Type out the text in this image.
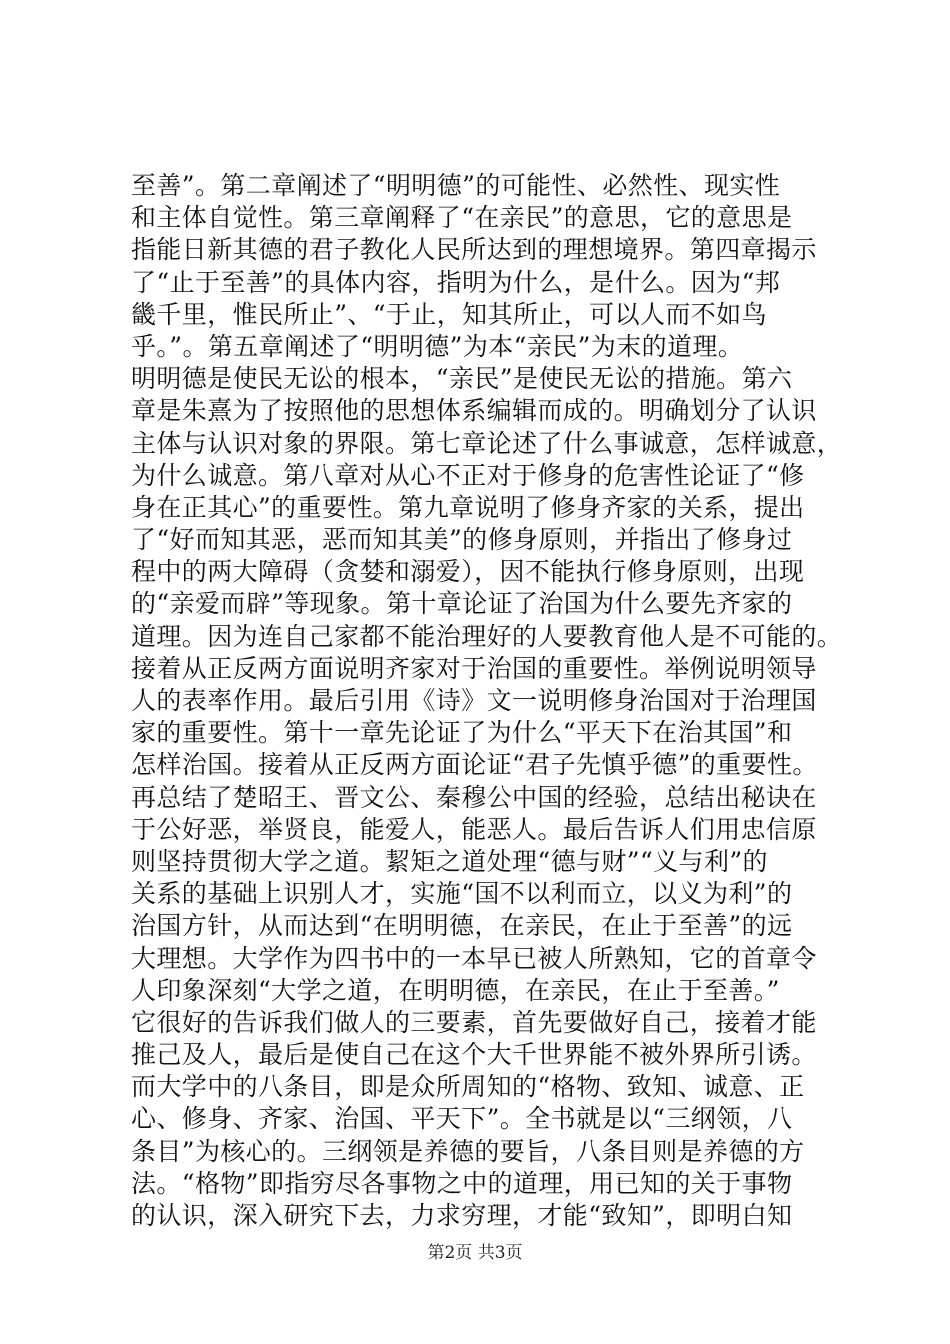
至善”。第二章阐述了“明明德”的可能性、必然性、现实性
和主体自觉性。第三章阐释了“在亲民”的意思，它的意思是
指能日新其德的君子教化人民所达到的理想境界。第四章揭示
了“止于至善”的具体内容，指明为什么，是什么。因为“邦
畿千里，惟民所止”、“于止，知其所止，可以人而不如鸟
乎。”。第五章阐述了“明明德”为本“亲民”为末的道理。
明明德是使民无讼的根本，“亲民”是使民无讼的措施。第六
章是朱熹为了按照他的思想体系编辑而成的。明确划分了认识
主体与认识对象的界限。第七章论述了什么事诚意，怎样诚意，
为什么诚意。第八章对从心不正对于修身的危害性论证了“修
身在正其心”的重要性。第九章说明了修身齐家的关系，提出
了“好而知其恶，恶而知其美”的修身原则，并指出了修身过
程中的两大障碍（贪婪和溺爱），因不能执行修身原则，出现
的“亲爱而辟”等现象。第十章论证了治国为什么要先齐家的
道理。因为连自己家都不能治理好的人要教育他人是不可能的。
接着从正反两方面说明齐家对于治国的重要性。举例说明领导
人的表率作用。最后引用《诗》文一说明修身治国对于治理国
家的重要性。第十一章先论证了为什么“平天下在治其国”和
怎样治国。接着从正反两方面论证“君子先慎乎德”的重要性。
再总结了楚昭王、晋文公、秦穆公中国的经验，总结出秘诀在
于公好恶，举贤良，能爱人，能恶人。最后告诉人们用忠信原
则坚持贯彻大学之道。絜矩之道处理“德与财”“义与利”的
关系的基础上识别人才，实施“国不以利而立，以义为利”的
治国方针，从而达到“在明明德，在亲民，在止于至善”的远
大理想。大学作为四书中的一本早已被人所熟知，它的首章令
人印象深刻“大学之道，在明明德，在亲民，在止于至善。”
它很好的告诉我们做人的三要素，首先要做好自己，接着才能
推己及人，最后是使自己在这个大千世界能不被外界所引诱。
而大学中的八条目，即是众所周知的“格物、致知、诚意、正
心、修身、齐家、治国、平天下”。全书就是以“三纲领，八
条目”为核心的。三纲领是养德的要旨，八条目则是养德的方
法。“格物”即指穷尽各事物之中的道理，用已知的关于事物
的认识，深入研究下去，力求穷理，才能“致知”，即明白知
第2页 共3页
